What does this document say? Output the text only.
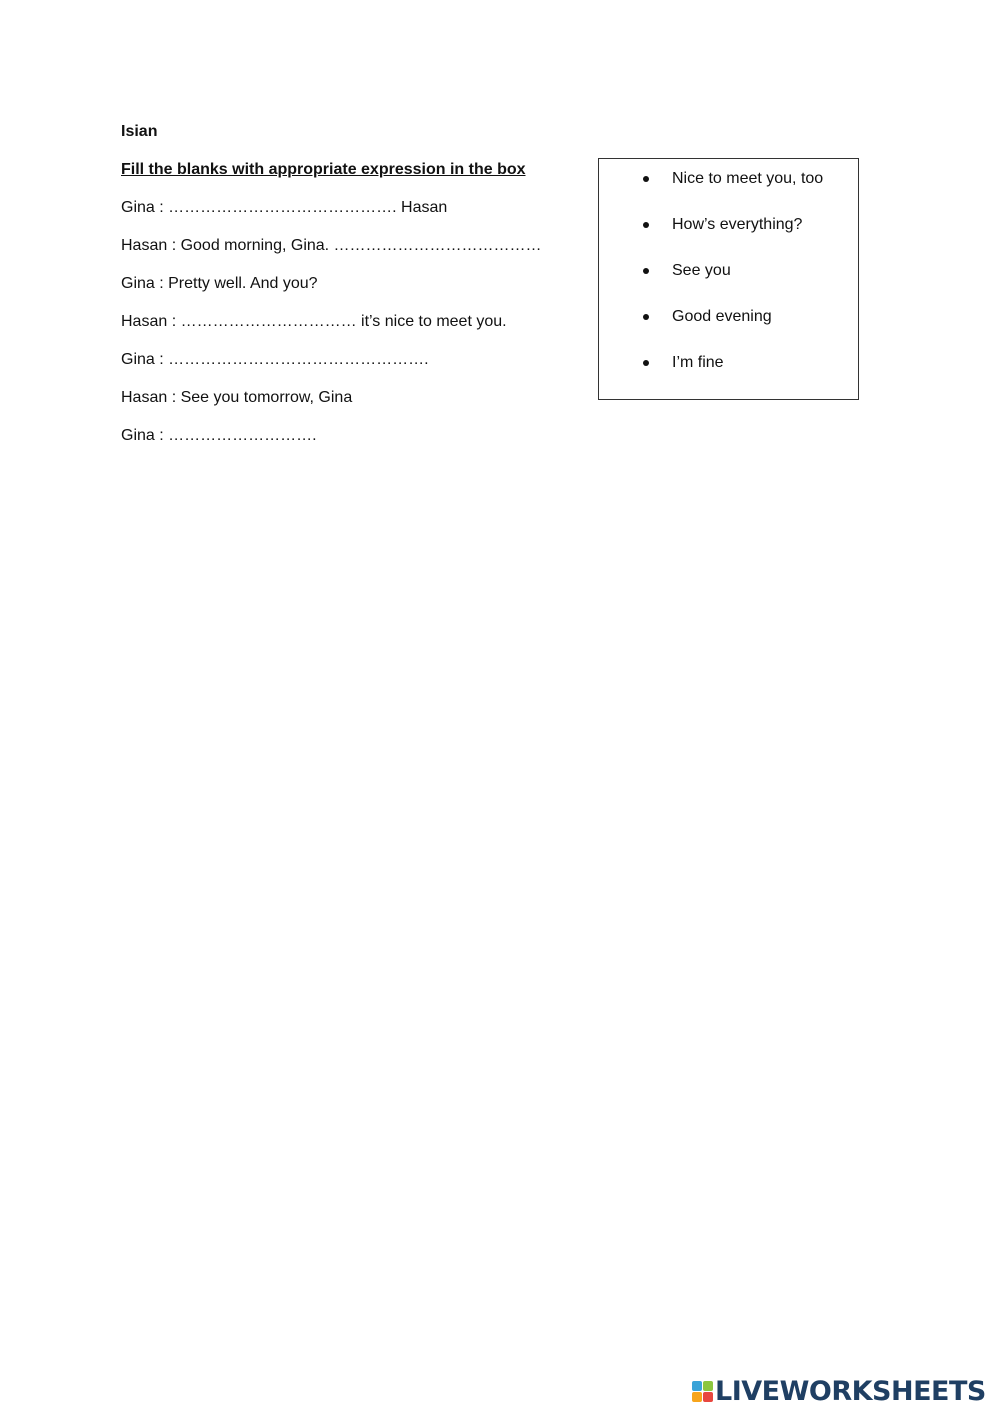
Isian

Fill the blanks with appropriate expression in the box

Gina : ……………………………………. Hasan
Hasan : Good morning, Gina. …………………………………
Gina : Pretty well. And you?
Hasan : …………………………… it’s nice to meet you.
Gina : ………………………………………….
Hasan : See you tomorrow, Gina
Gina : ……………………….
Nice to meet you, too
How’s everything?
See you
Good evening
I’m fine
LIVEWORKSHEETS
